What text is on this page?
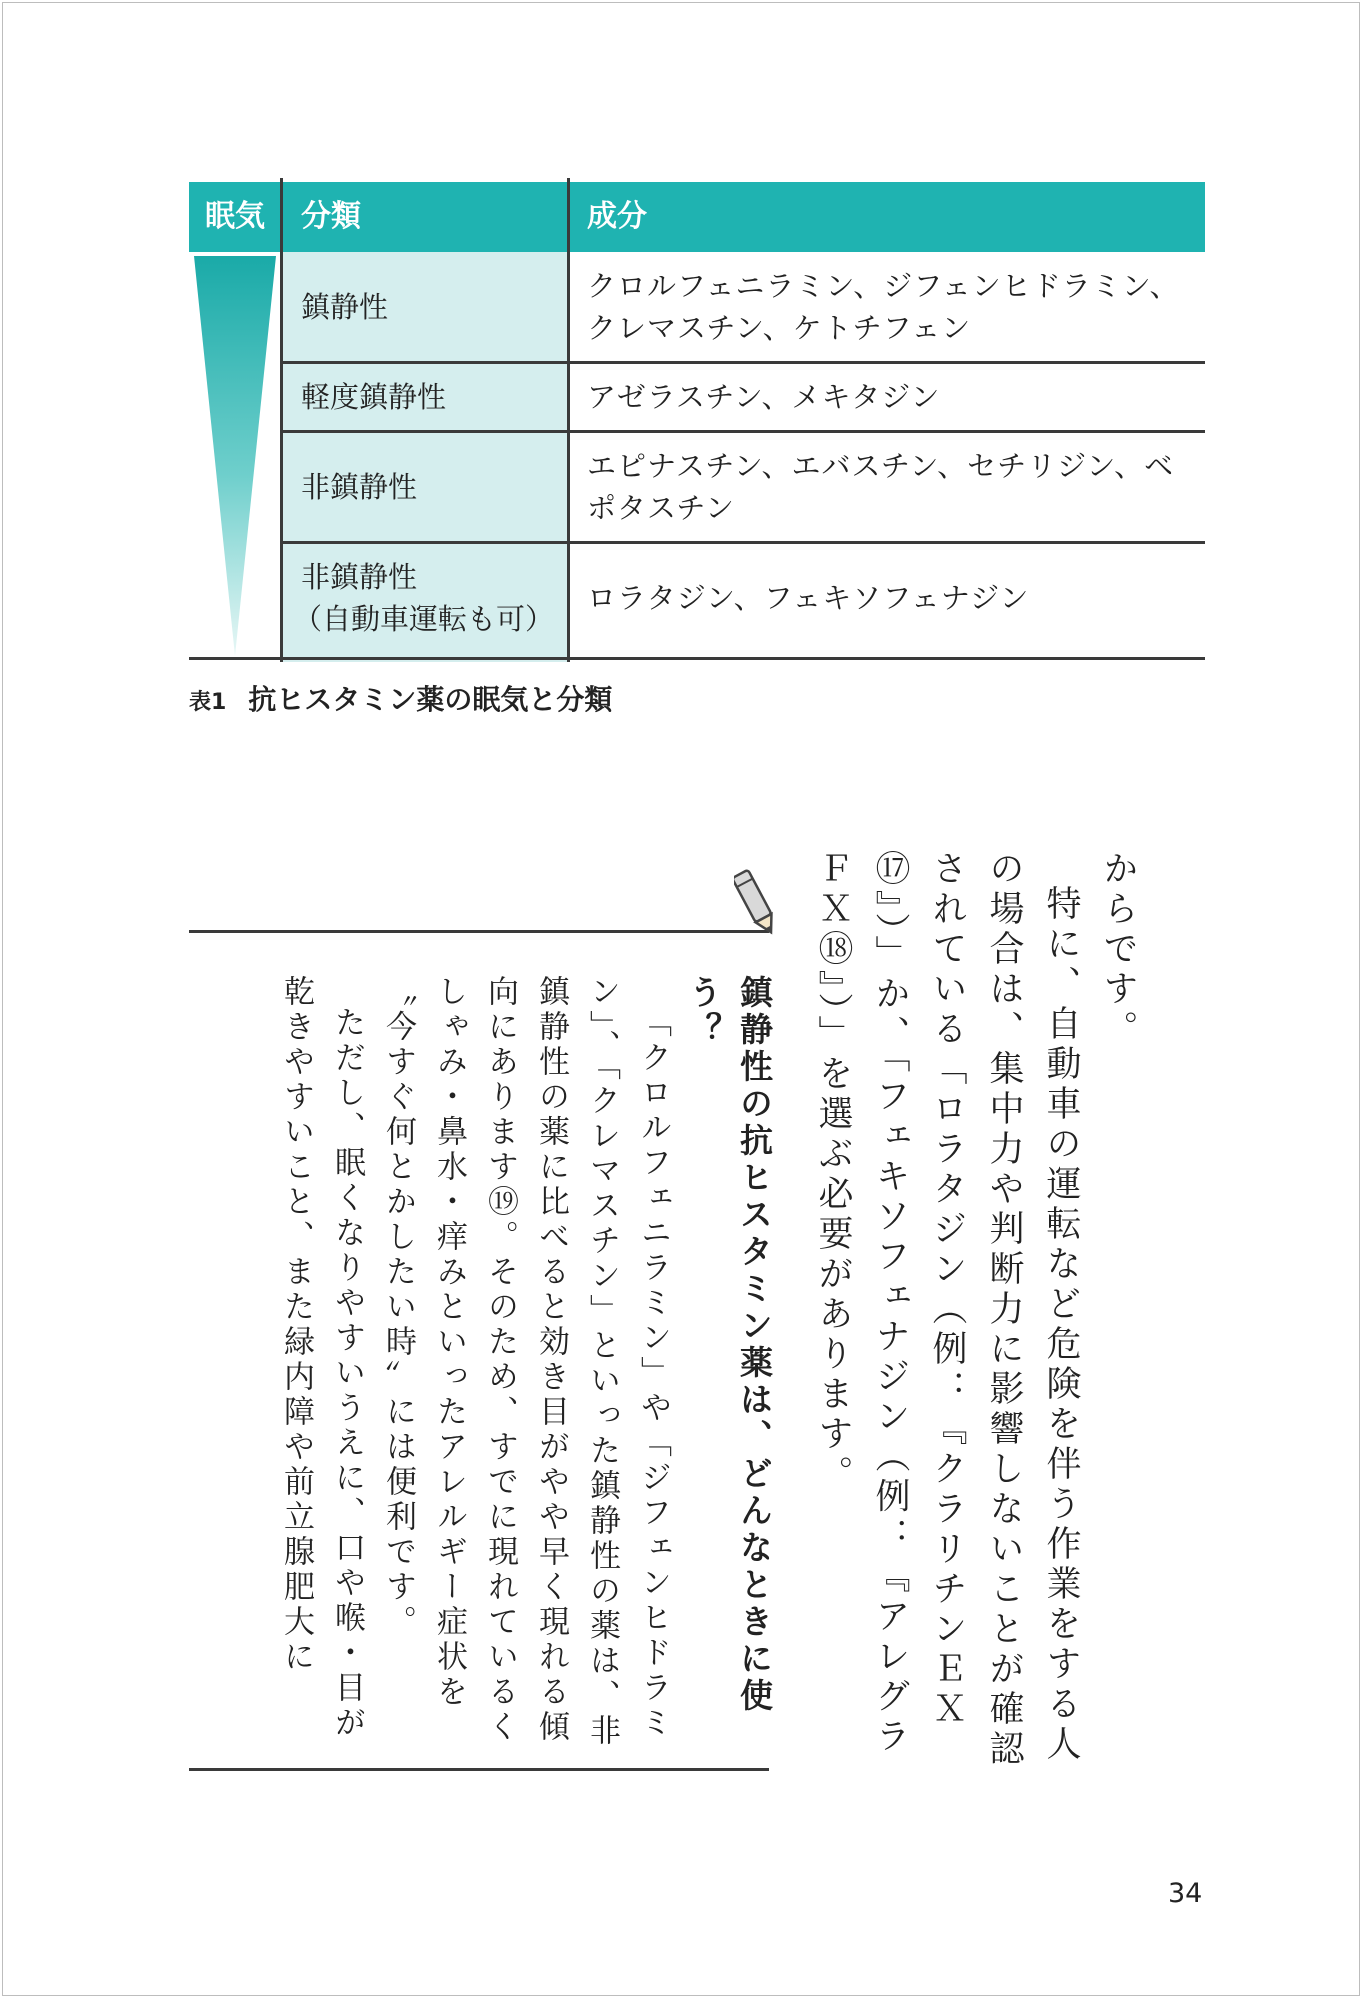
眠気 分類	成分
鎮静性
クロルフェニラミン、ジフェンヒドラミン、クレマスチン、ケトチフェン
軽度鎮静性	アゼラスチン、メキタジン
非鎮静性
エピナスチン、エバスチン、セチリジン、ベポタスチン
非鎮静性
（自動車運転も可）
ロラタジン、フェキソフェナジン
表1 抗ヒスタミン薬の眠気と分類

からです。

特に、自動車の運転など危険を伴う作業をする人の場合は、集中力や判断力に影響しないことが確認されている「ロラタジン（例：『クラリチンＥＸ⑰』）」か、「フェキソフェナジン（例：『アレグラＦＸ⑱』）」を選ぶ必要があります。

鎮静性の抗ヒスタミン薬は、どんなときに使う？

「クロルフェニラミン」や「ジフェンヒドラミン」、「クレマスチン」といった鎮静性の薬は、非鎮静性の薬に比べると効き目がやや早く現れる傾向にあります⑲。そのため、すでに現れているくしゃみ・鼻水・痒みといったアレルギー症状を〝今すぐ何とかしたい時〟には便利です。

ただし、眠くなりやすいうえに、口や喉・目が乾きやすいこと、また緑内障や前立腺肥大に

34
